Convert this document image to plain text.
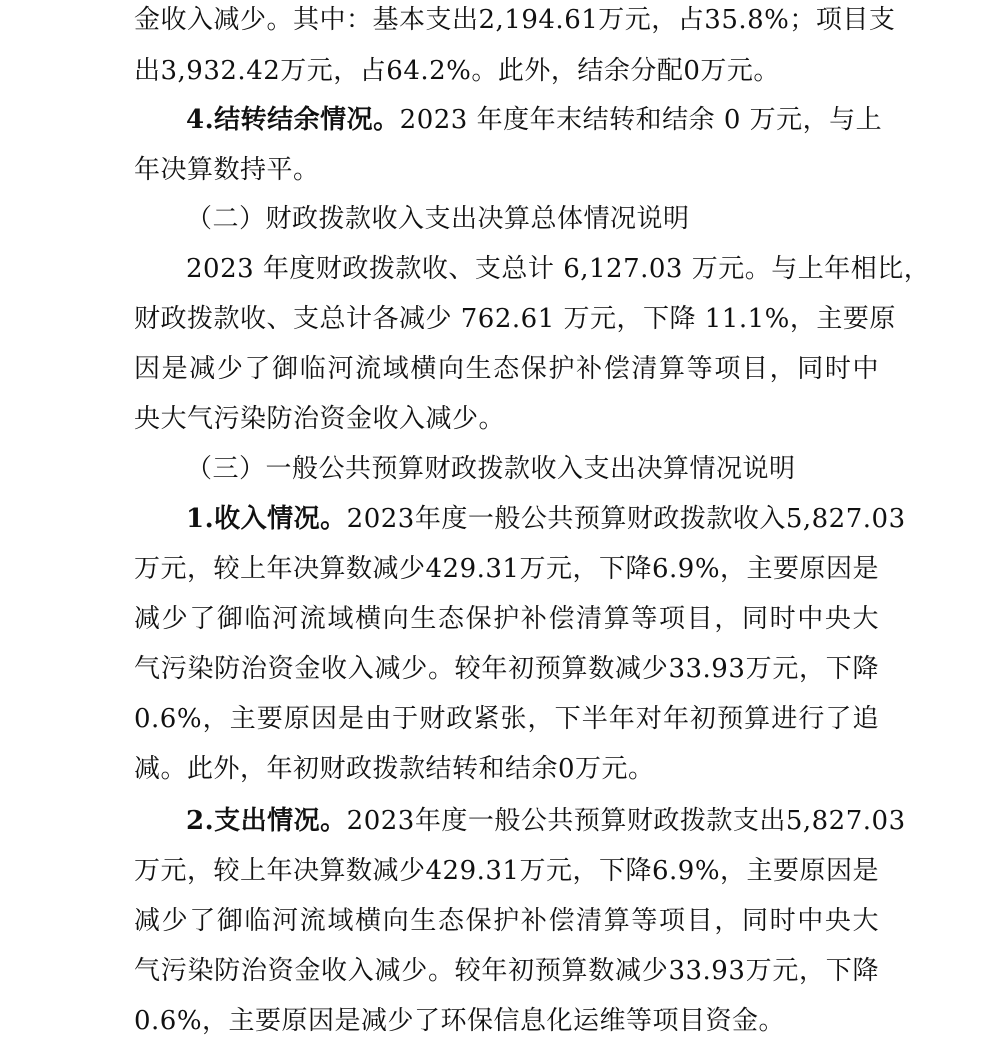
金收入减少。其中：基本支出2,194.61万元，占35.8%；项目支
出3,932.42万元，占64.2%。此外，结余分配0万元。
4.结转结余情况。2023 年度年末结转和结余 0 万元，与上
年决算数持平。
（二）财政拨款收入支出决算总体情况说明
2023 年度财政拨款收、支总计 6,127.03 万元。与上年相比，
财政拨款收、支总计各减少 762.61 万元，下降 11.1%，主要原
因是减少了御临河流域横向生态保护补偿清算等项目，同时中
央大气污染防治资金收入减少。
（三）一般公共预算财政拨款收入支出决算情况说明
1.收入情况。2023年度一般公共预算财政拨款收入5,827.03
万元，较上年决算数减少429.31万元，下降6.9%，主要原因是
减少了御临河流域横向生态保护补偿清算等项目，同时中央大
气污染防治资金收入减少。较年初预算数减少33.93万元，下降
0.6%，主要原因是由于财政紧张，下半年对年初预算进行了追
减。此外，年初财政拨款结转和结余0万元。
2.支出情况。2023年度一般公共预算财政拨款支出5,827.03
万元，较上年决算数减少429.31万元，下降6.9%，主要原因是
减少了御临河流域横向生态保护补偿清算等项目，同时中央大
气污染防治资金收入减少。较年初预算数减少33.93万元，下降
0.6%，主要原因是减少了环保信息化运维等项目资金。
